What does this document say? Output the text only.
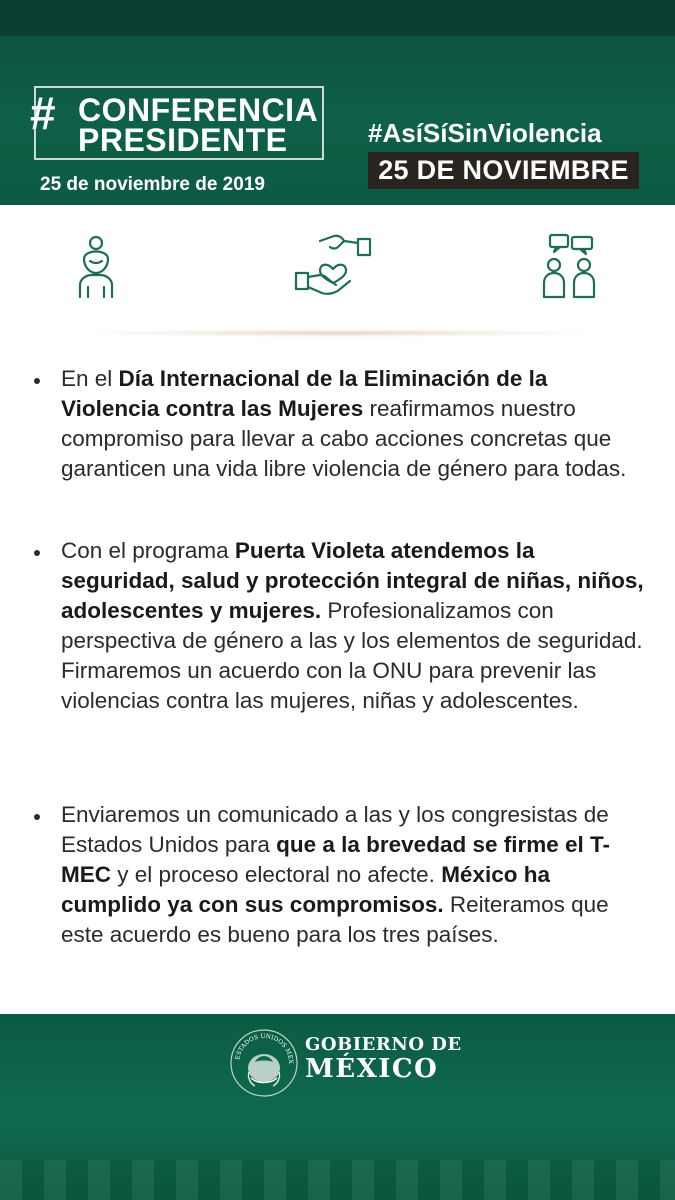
# CONFERENCIA
PRESIDENTE
25 de noviembre de 2019
#AsíSíSinViolencia
25 DE NOVIEMBRE
En el Día Internacional de la Eliminación de la Violencia contra las Mujeres reafirmamos nuestro compromiso para llevar a cabo acciones concretas que garanticen una vida libre violencia de género para todas.
Con el programa Puerta Violeta atendemos la seguridad, salud y protección integral de niñas, niños, adolescentes y mujeres. Profesionalizamos con perspectiva de género a las y los elementos de seguridad. Firmaremos un acuerdo con la ONU para prevenir las violencias contra las mujeres, niñas y adolescentes.
Enviaremos un comunicado a las y los congresistas de Estados Unidos para que a la brevedad se firme el T-MEC y el proceso electoral no afecte. México ha cumplido ya con sus compromisos. Reiteramos que este acuerdo es bueno para los tres países.
ESTADOS UNIDOS MEX
GOBIERNO DE
MÉXICO
